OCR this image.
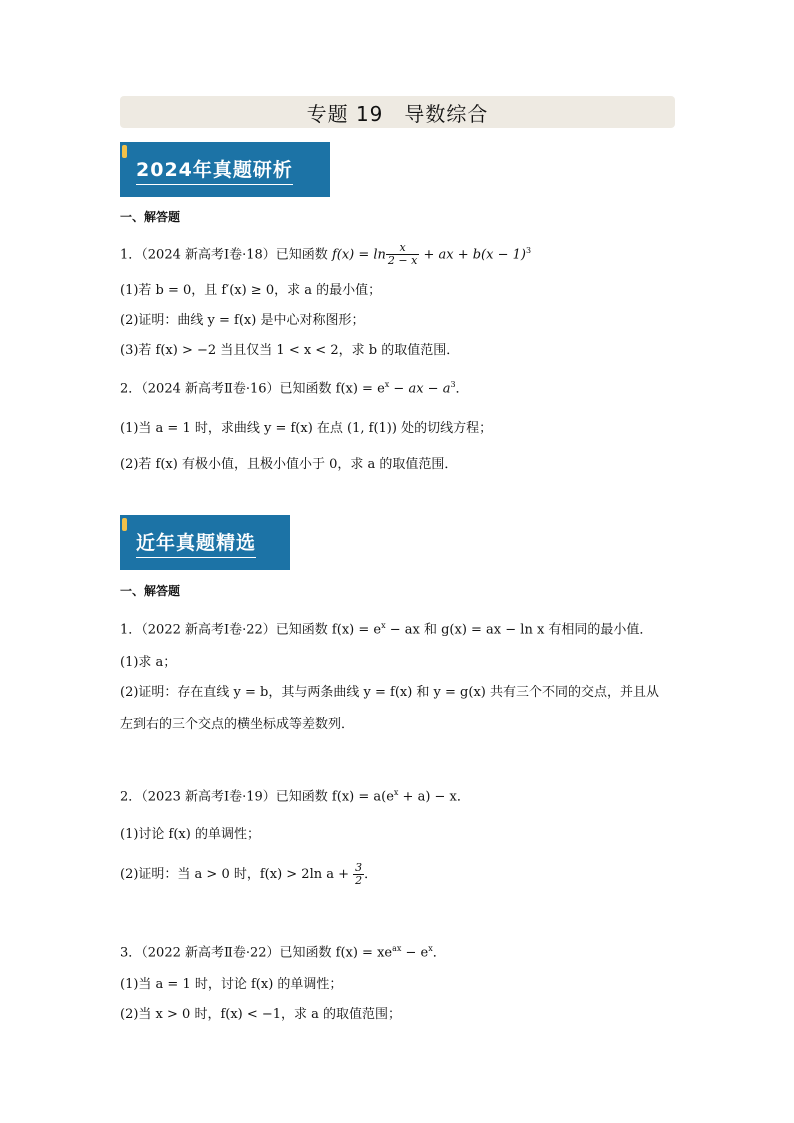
专题 19　导数综合
2024年真题研析
一、解答题
1．（2024 新高考Ⅰ卷·18）已知函数 $f(x) = \ln \frac{x}{2 - x}$ + ax + $b(x - 1)^3$
(1)若 b = 0，且 f′(x) ≥ 0，求 a 的最小值；
(2)证明：曲线 y = f(x) 是中心对称图形；
(3)若 f(x) > −2 当且仅当 1 < x < 2，求 b 的取值范围．
2．（2024 新高考Ⅱ卷·16）已知函数 $f(x) = e^x$ − ax − $a^3$．
(1)当 a = 1 时，求曲线 y = f(x) 在点 (1, f(1)) 处的切线方程；
(2)若 f(x) 有极小值，且极小值小于 0，求 a 的取值范围．
近年真题精选
一、解答题
1．（2022 新高考Ⅰ卷·22）已知函数 $f(x) = e^x$ − ax 和 g(x) = ax − ln x 有相同的最小值．
(1)求 a；
(2)证明：存在直线 y = b，其与两条曲线 y = f(x) 和 y = g(x) 共有三个不同的交点，并且从
左到右的三个交点的横坐标成等差数列．
2．（2023 新高考Ⅰ卷·19）已知函数 $f(x) = a(e^x + a) - x$．
(1)讨论 f(x) 的单调性；
(2)证明：当 a > 0 时，f(x) > 2ln $a + \frac{3}{2}$ ．
3．（2022 新高考Ⅱ卷·22）已知函数 $f(x) = xe^{ax} - e^x$．
(1)当 a = 1 时，讨论 f(x) 的单调性；
(2)当 x > 0 时，f(x) < −1，求 a 的取值范围；
